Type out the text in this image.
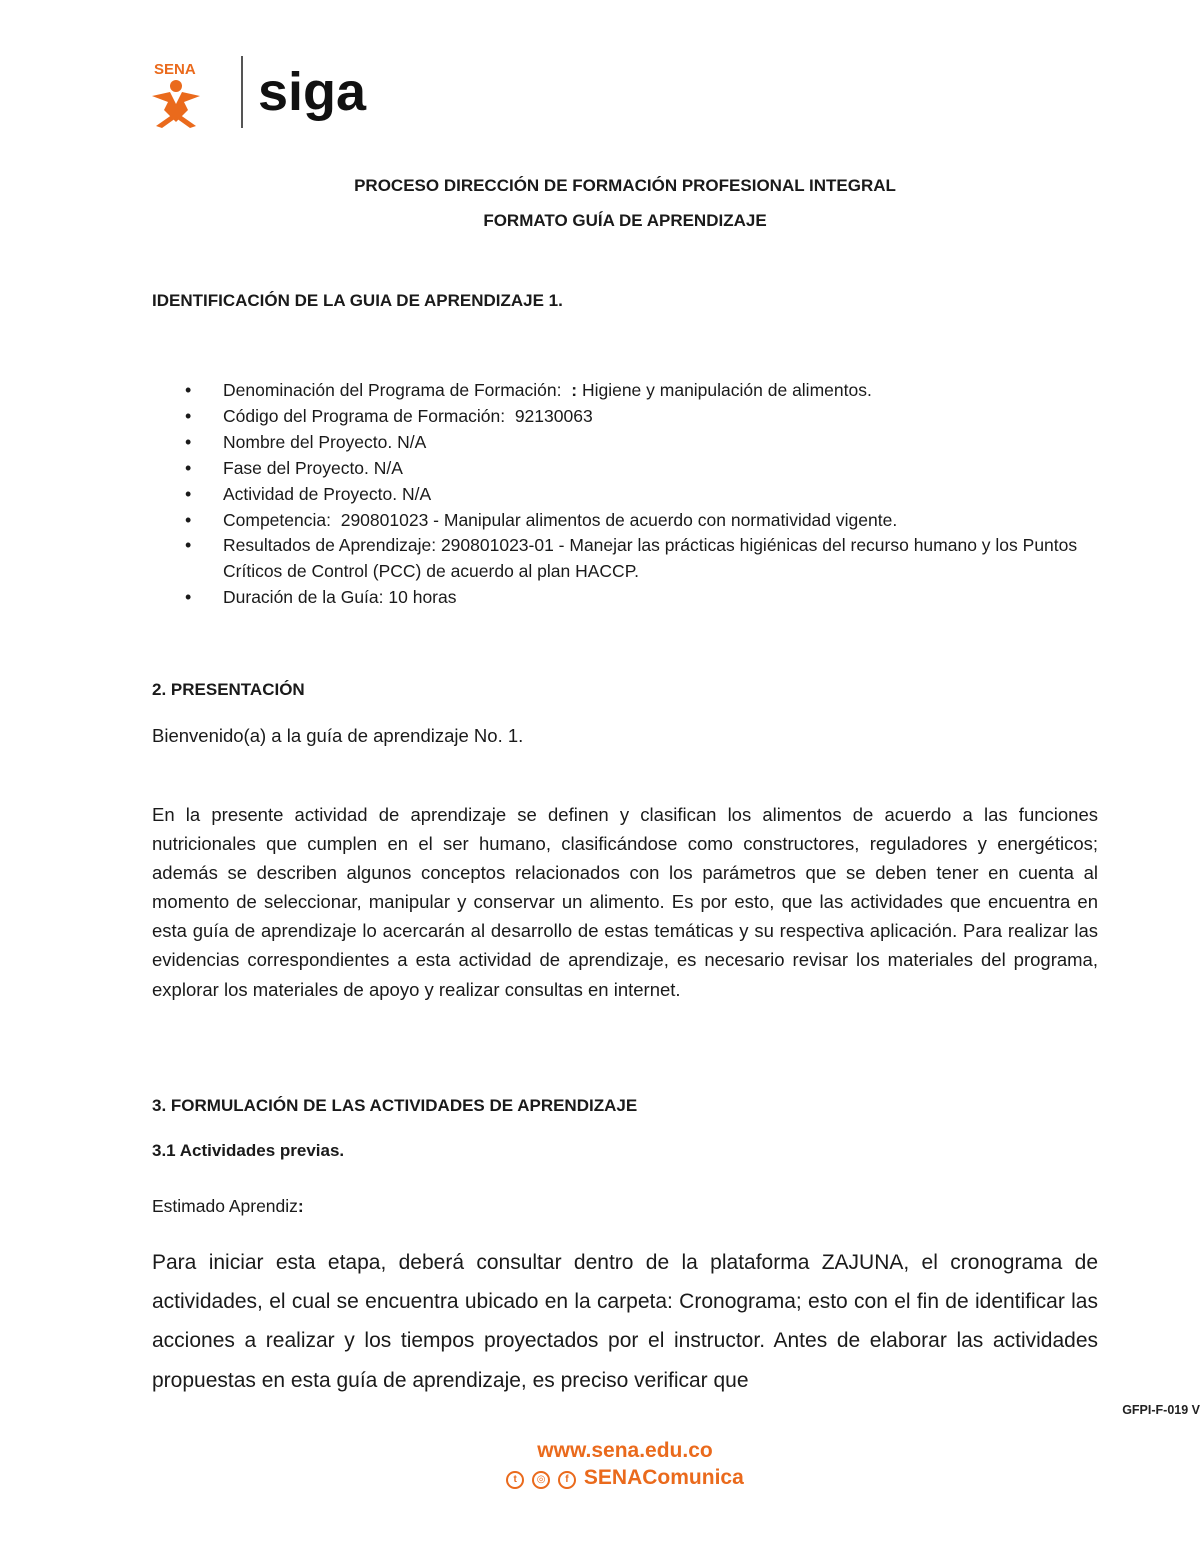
SENA siga
PROCESO DIRECCIÓN DE FORMACIÓN PROFESIONAL INTEGRAL
FORMATO GUÍA DE APRENDIZAJE
IDENTIFICACIÓN DE LA GUIA DE APRENDIZAJE 1.
• Denominación del Programa de Formación: : Higiene y manipulación de alimentos.
• Código del Programa de Formación: 92130063
• Nombre del Proyecto. N/A
• Fase del Proyecto. N/A
• Actividad de Proyecto. N/A
• Competencia: 290801023 - Manipular alimentos de acuerdo con normatividad vigente.
• Resultados de Aprendizaje: 290801023-01 - Manejar las prácticas higiénicas del recurso humano y los Puntos Críticos de Control (PCC) de acuerdo al plan HACCP.
• Duración de la Guía: 10 horas
2. PRESENTACIÓN
Bienvenido(a) a la guía de aprendizaje No. 1.
En la presente actividad de aprendizaje se definen y clasifican los alimentos de acuerdo a las funciones nutricionales que cumplen en el ser humano, clasificándose como constructores, reguladores y energéticos; además se describen algunos conceptos relacionados con los parámetros que se deben tener en cuenta al momento de seleccionar, manipular y conservar un alimento. Es por esto, que las actividades que encuentra en esta guía de aprendizaje lo acercarán al desarrollo de estas temáticas y su respectiva aplicación. Para realizar las evidencias correspondientes a esta actividad de aprendizaje, es necesario revisar los materiales del programa, explorar los materiales de apoyo y realizar consultas en internet.
3. FORMULACIÓN DE LAS ACTIVIDADES DE APRENDIZAJE
3.1 Actividades previas.
Estimado Aprendiz:
Para iniciar esta etapa, deberá consultar dentro de la plataforma ZAJUNA, el cronograma de actividades, el cual se encuentra ubicado en la carpeta: Cronograma; esto con el fin de identificar las acciones a realizar y los tiempos proyectados por el instructor. Antes de elaborar las actividades propuestas en esta guía de aprendizaje, es preciso verificar que
GFPI-F-019 V
www.sena.edu.co
t ◎ f SENAComunica
